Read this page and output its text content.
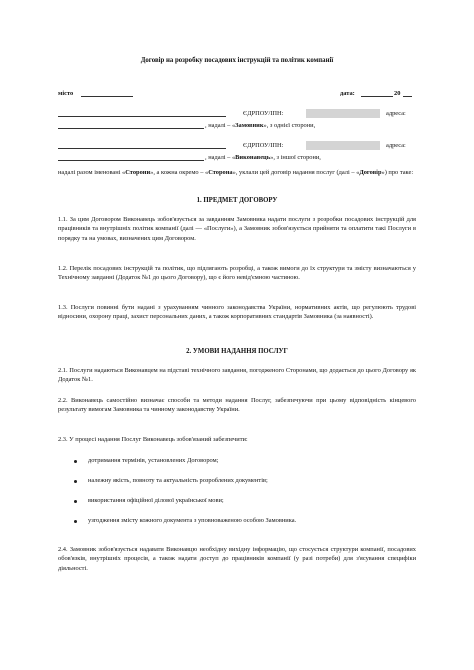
Договір на розробку посадових інструкцій та політик компанії
місто	дата:	20
ЄДРПОУ/ІПН:	адреса:
, надалі – «Замовник», з однієї сторони,
ЄДРПОУ/ІПН:	адреса:
, надалі – «Виконавець», з іншої сторони,
надалі разом іменовані «Сторони», а кожна окремо – «Сторона», уклали цей договір надання послуг (далі – «Договір») про таке:
1. ПРЕДМЕТ ДОГОВОРУ
1.1. За цим Договором Виконавець зобов'язується за завданням Замовника надати послуги з розробки посадових інструкцій для працівників та внутрішніх політик компанії (далі — «Послуги»), а Замовник зобов'язується прийняти та оплатити такі Послуги в порядку та на умовах, визначених цим Договором.
1.2. Перелік посадових інструкцій та політик, що підлягають розробці, а також вимоги до їх структури та змісту визначаються у Технічному завданні (Додаток №1 до цього Договору), що є його невід'ємною частиною.
1.3. Послуги повинні бути надані з урахуванням чинного законодавства України, нормативних актів, що регулюють трудові відносини, охорону праці, захист персональних даних, а також корпоративних стандартів Замовника (за наявності).
2. УМОВИ НАДАННЯ ПОСЛУГ
2.1. Послуги надаються Виконавцем на підставі технічного завдання, погодженого Сторонами, що додається до цього Договору як Додаток №1.
2.2. Виконавець самостійно визначає способи та методи надання Послуг, забезпечуючи при цьому відповідність кінцевого результату вимогам Замовника та чинному законодавству України.
2.3. У процесі надання Послуг Виконавець зобов'язаний забезпечити:
дотримання термінів, установлених Договором;
належну якість, повноту та актуальність розроблених документів;
використання офіційної ділової української мови;
узгодження змісту кожного документа з уповноваженою особою Замовника.
2.4. Замовник зобов'язується надавати Виконавцю необхідну вихідну інформацію, що стосується структури компанії, посадових обов'язків, внутрішніх процесів, а також надати доступ до працівників компанії (у разі потреби) для з'ясування специфіки діяльності.
